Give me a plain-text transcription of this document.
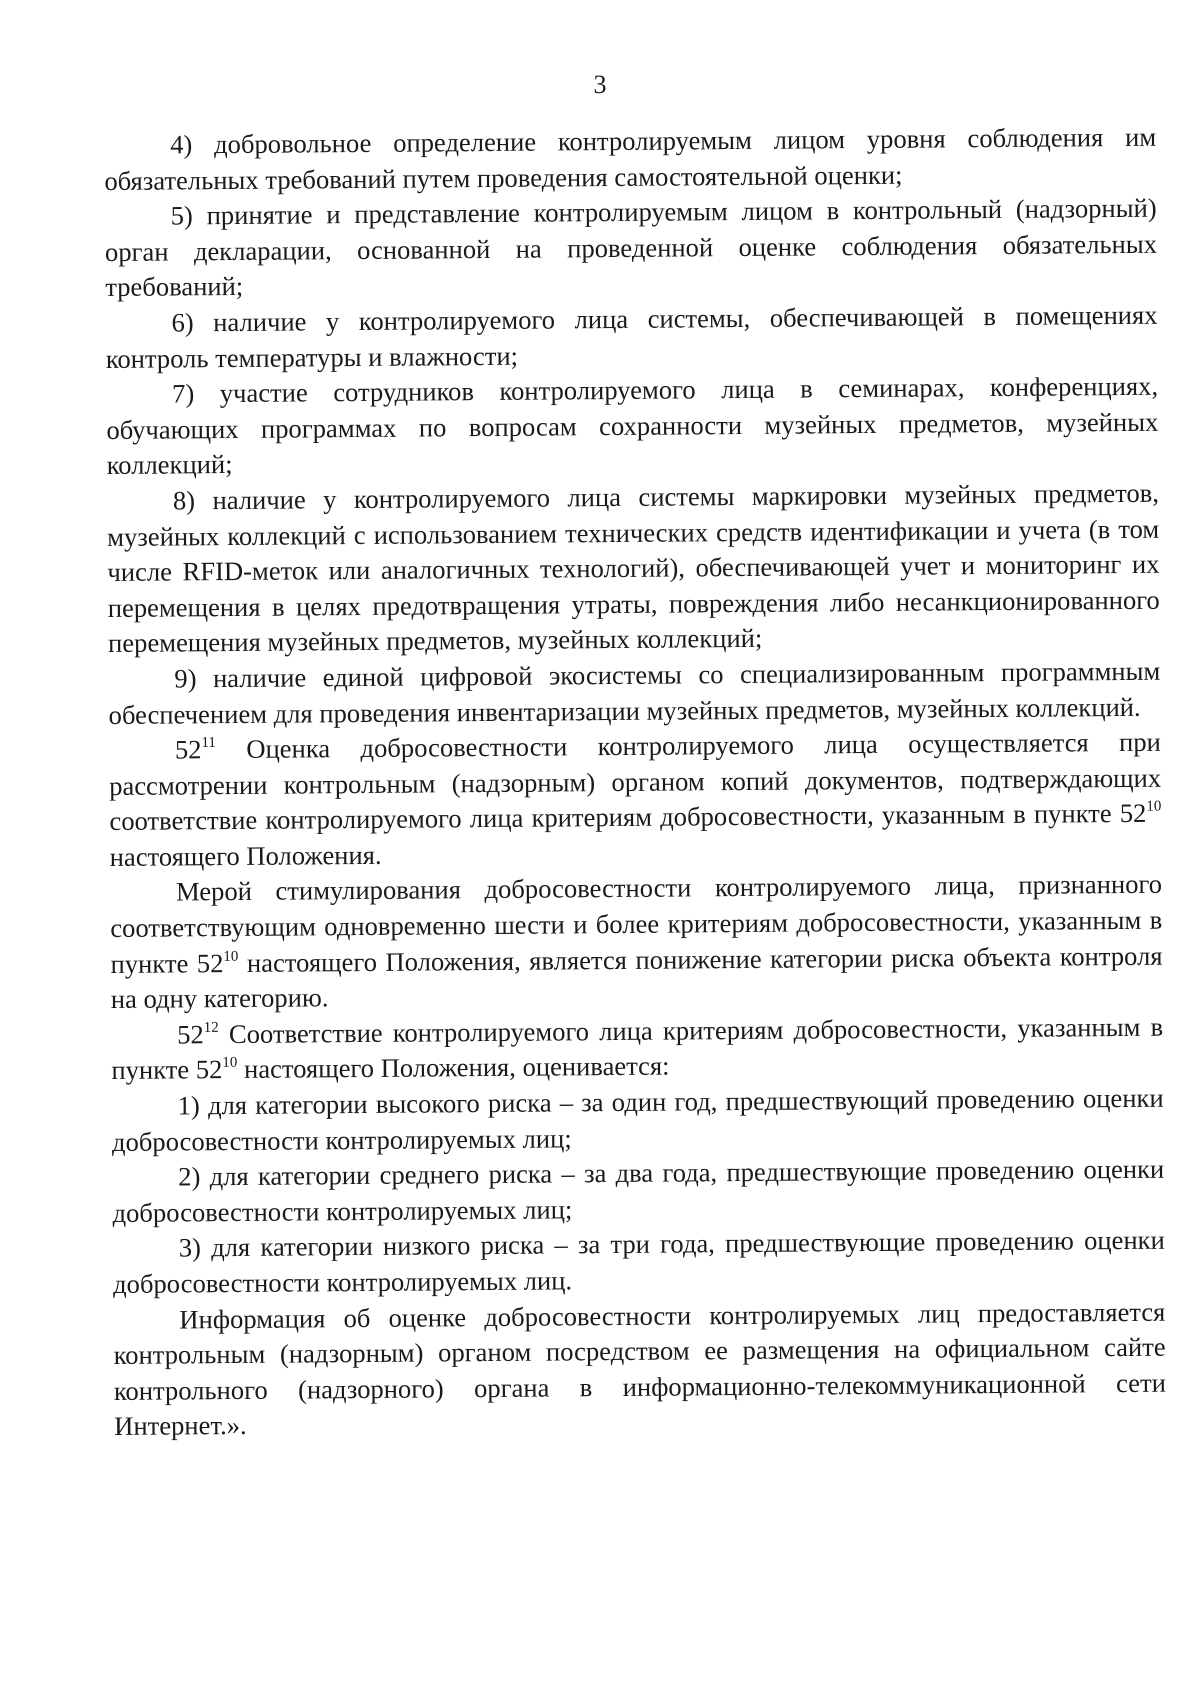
3

4) добровольное определение контролируемым лицом уровня соблюдения им обязательных требований путем проведения самостоятельной оценки;

5) принятие и представление контролируемым лицом в контрольный (надзорный) орган декларации, основанной на проведенной оценке соблюдения обязательных требований;

6) наличие у контролируемого лица системы, обеспечивающей в помещениях контроль температуры и влажности;

7) участие сотрудников контролируемого лица в семинарах, конференциях, обучающих программах по вопросам сохранности музейных предметов, музейных коллекций;

8) наличие у контролируемого лица системы маркировки музейных предметов, музейных коллекций с использованием технических средств идентификации и учета (в том числе RFID-меток или аналогичных технологий), обеспечивающей учет и мониторинг их перемещения в целях предотвращения утраты, повреждения либо несанкционированного перемещения музейных предметов, музейных коллекций;

9) наличие единой цифровой экосистемы со специализированным программным обеспечением для проведения инвентаризации музейных предметов, музейных коллекций.

$52^{11}$ Оценка добросовестности контролируемого лица осуществляется при рассмотрении контрольным (надзорным) органом копий документов, подтверждающих соответствие контролируемого лица критериям добросовестности, указанным в пункте $52^{10}$ настоящего Положения.

Мерой стимулирования добросовестности контролируемого лица, признанного соответствующим одновременно шести и более критериям добросовестности, указанным в пункте $52^{10}$ настоящего Положения, является понижение категории риска объекта контроля на одну категорию.

$52^{12}$ Соответствие контролируемого лица критериям добросовестности, указанным в пункте $52^{10}$ настоящего Положения, оценивается:

1) для категории высокого риска – за один год, предшествующий проведению оценки добросовестности контролируемых лиц;

2) для категории среднего риска – за два года, предшествующие проведению оценки добросовестности контролируемых лиц;

3) для категории низкого риска – за три года, предшествующие проведению оценки добросовестности контролируемых лиц.

Информация об оценке добросовестности контролируемых лиц предоставляется контрольным (надзорным) органом посредством ее размещения на официальном сайте контрольного (надзорного) органа в информационно-телекоммуникационной сети Интернет.».
